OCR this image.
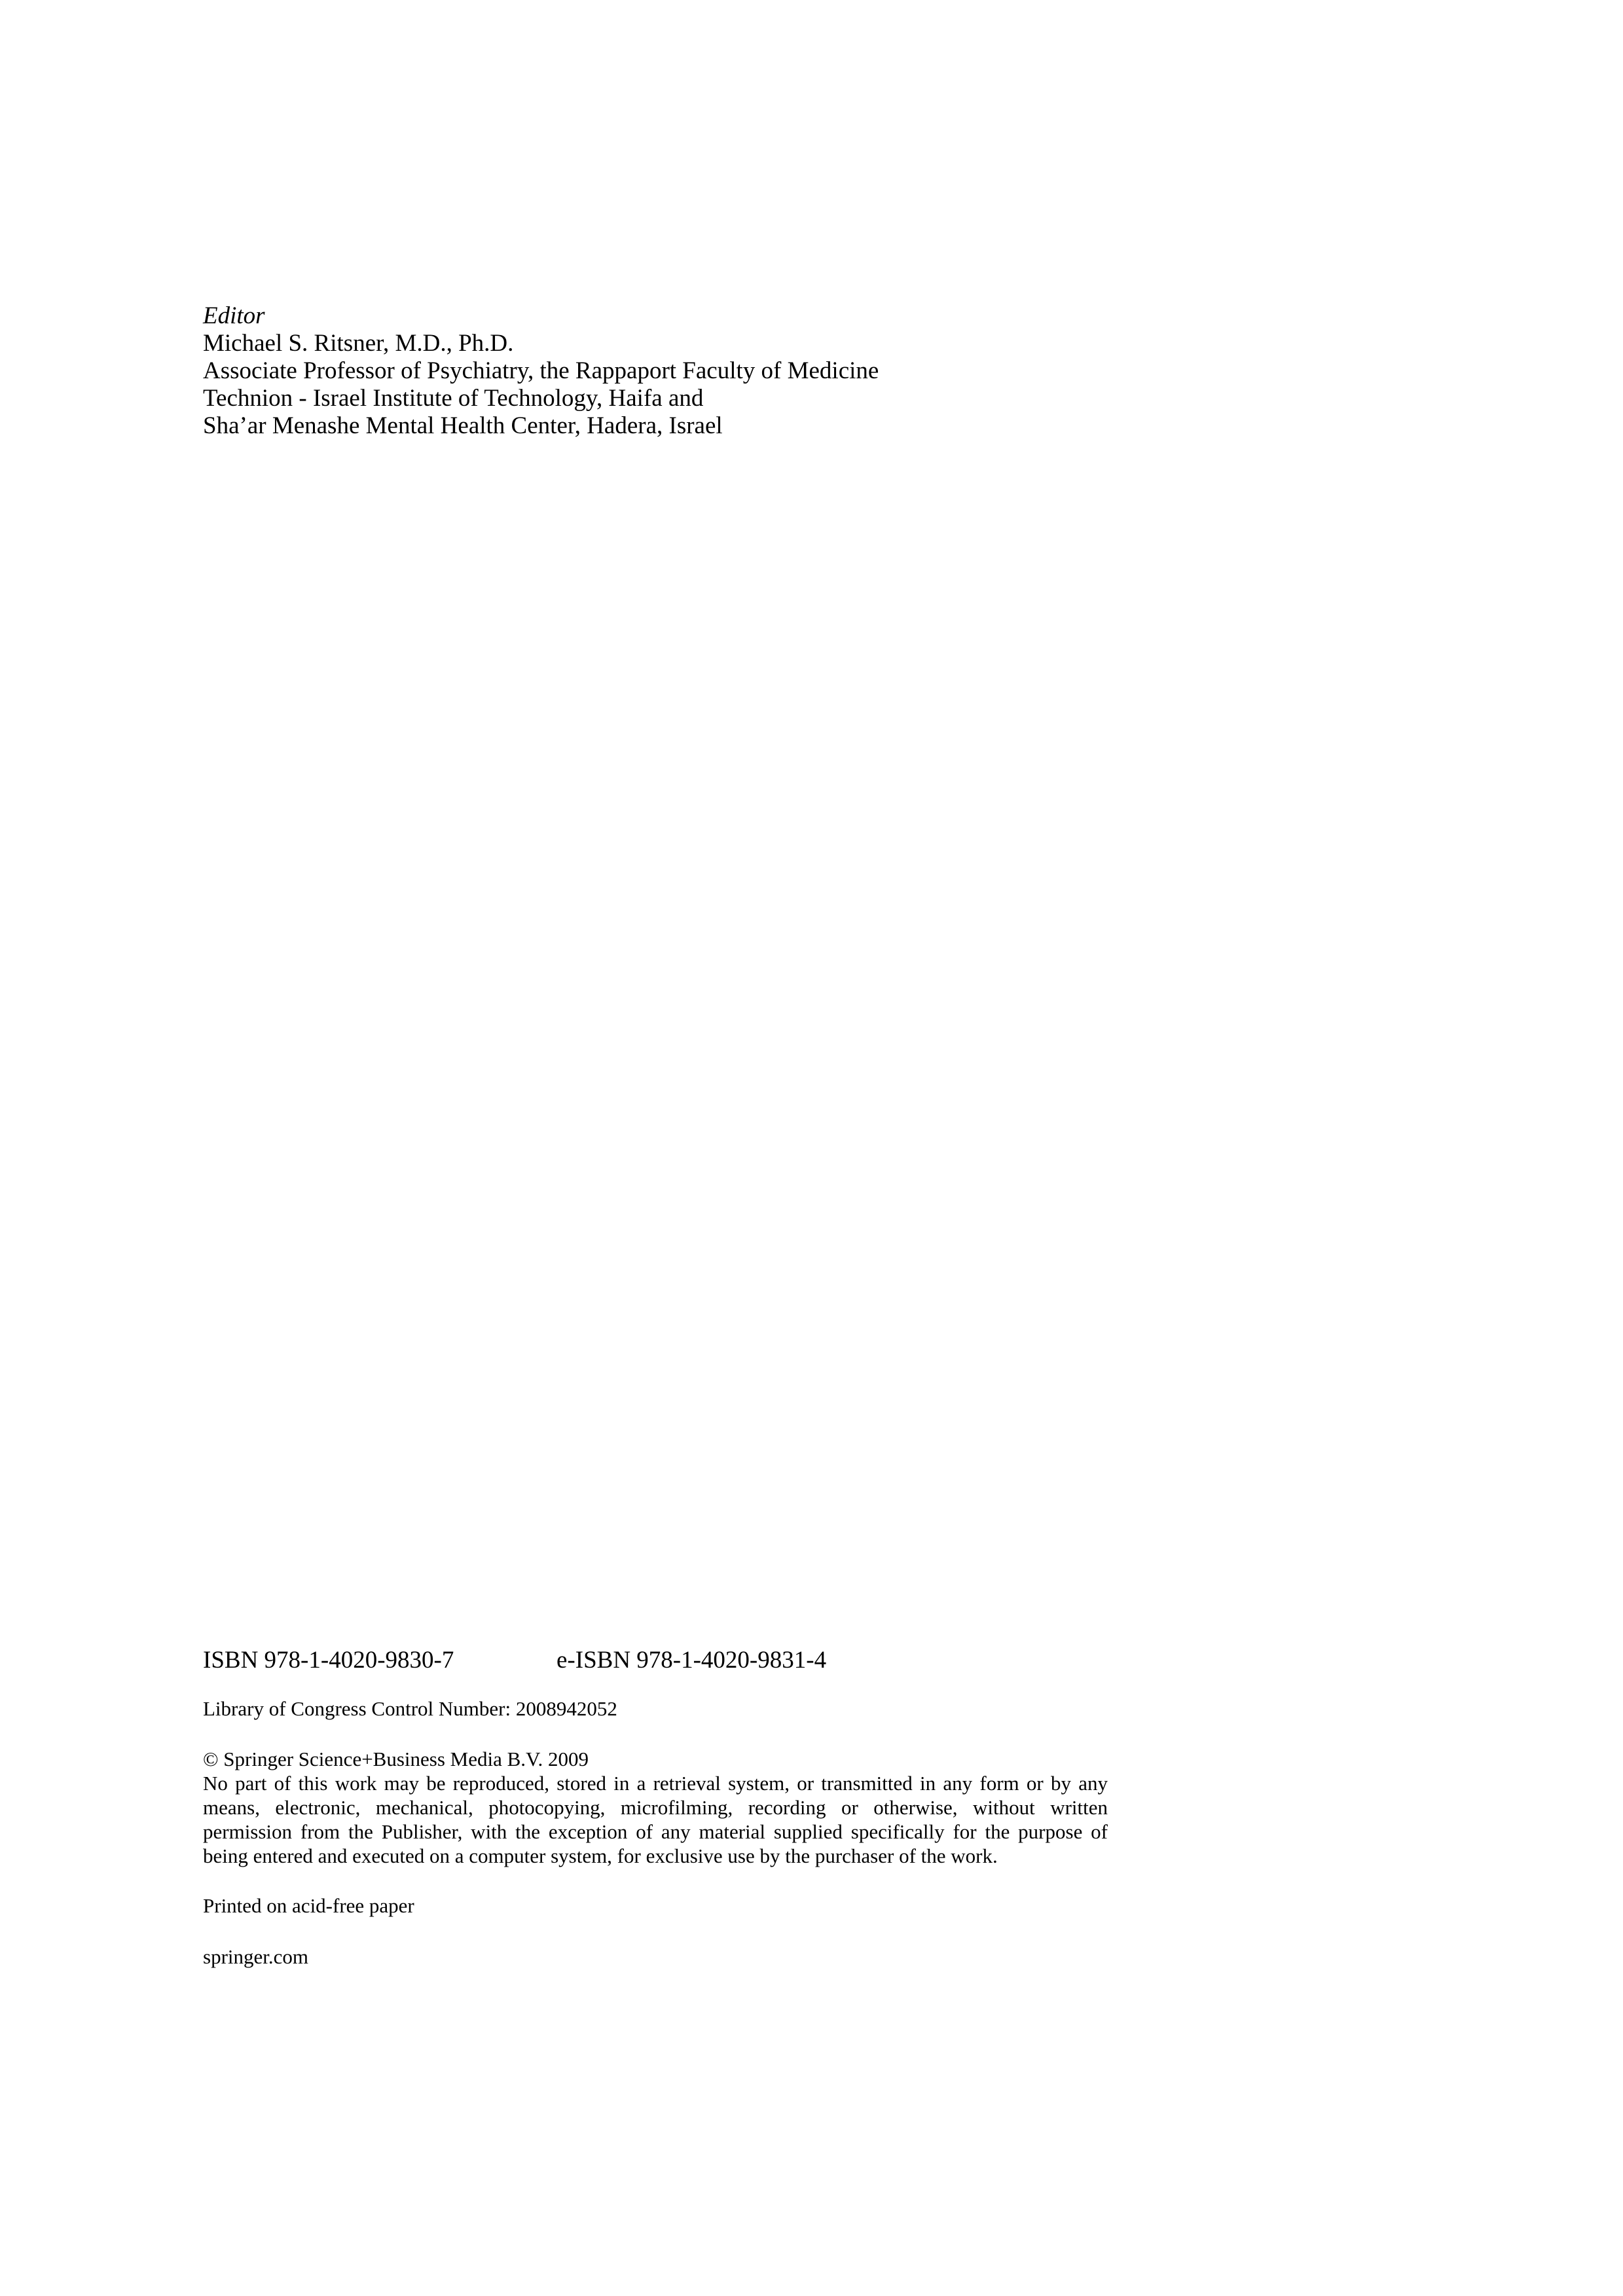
Editor
Michael S. Ritsner, M.D., Ph.D.
Associate Professor of Psychiatry, the Rappaport Faculty of Medicine
Technion - Israel Institute of Technology, Haifa and
Sha’ar Menashe Mental Health Center, Hadera, Israel
ISBN 978-1-4020-9830-7	e-ISBN 978-1-4020-9831-4
Library of Congress Control Number: 2008942052
© Springer Science+Business Media B.V. 2009
No part of this work may be reproduced, stored in a retrieval system, or transmitted in any form or by any means, electronic, mechanical, photocopying, microfilming, recording or otherwise, without written permission from the Publisher, with the exception of any material supplied specifically for the purpose of being entered and executed on a computer system, for exclusive use by the purchaser of the work.
Printed on acid-free paper
springer.com
